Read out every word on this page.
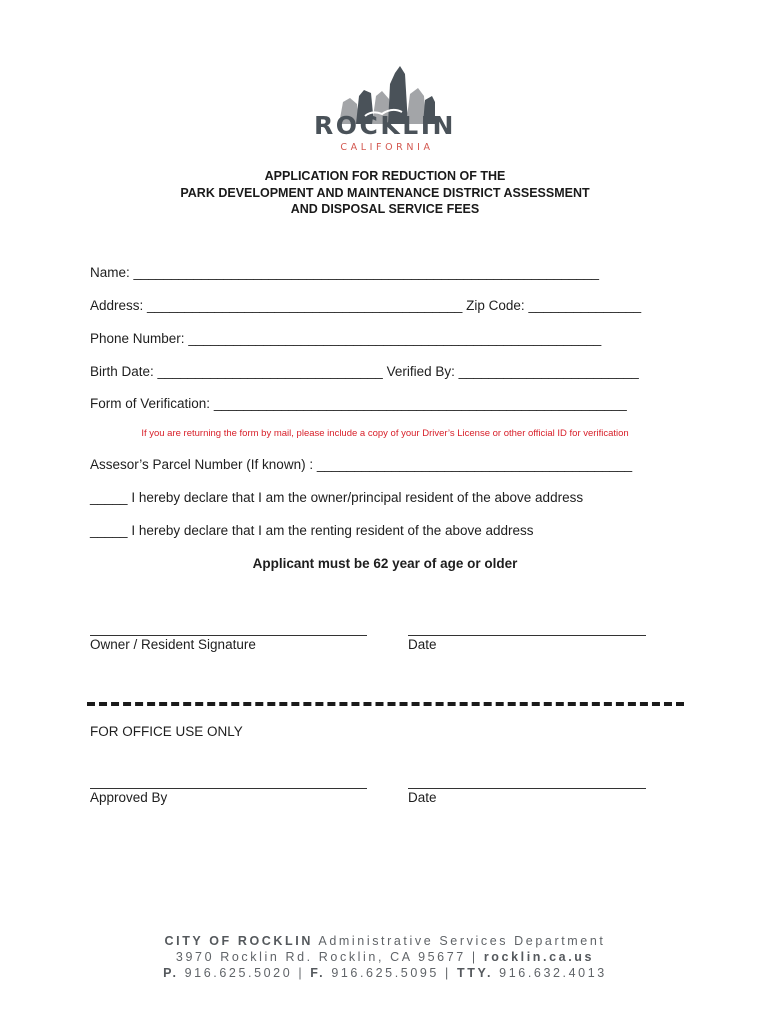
ROCKLIN
CALIFORNIA
APPLICATION FOR REDUCTION OF THE
PARK DEVELOPMENT AND MAINTENANCE DISTRICT ASSESSMENT
AND DISPOSAL SERVICE FEES
Name: ______________________________________________________________
Address: __________________________________________ Zip Code: _______________
Phone Number: _______________________________________________________
Birth Date: ______________________________ Verified By: ________________________
Form of Verification: _______________________________________________________
If you are returning the form by mail, please include a copy of your Driver’s License or other official ID for verification
Assesor’s Parcel Number (If known) : __________________________________________
_____ I hereby declare that I am the owner/principal resident of the above address
_____ I hereby declare that I am the renting resident of the above address
Applicant must be 62 year of age or older
Owner / Resident Signature	Date
FOR OFFICE USE ONLY
Approved By	Date
CITY OF ROCKLIN Administrative Services Department
3970 Rocklin Rd. Rocklin, CA 95677 | rocklin.ca.us
P. 916.625.5020 | F. 916.625.5095 | TTY. 916.632.4013
